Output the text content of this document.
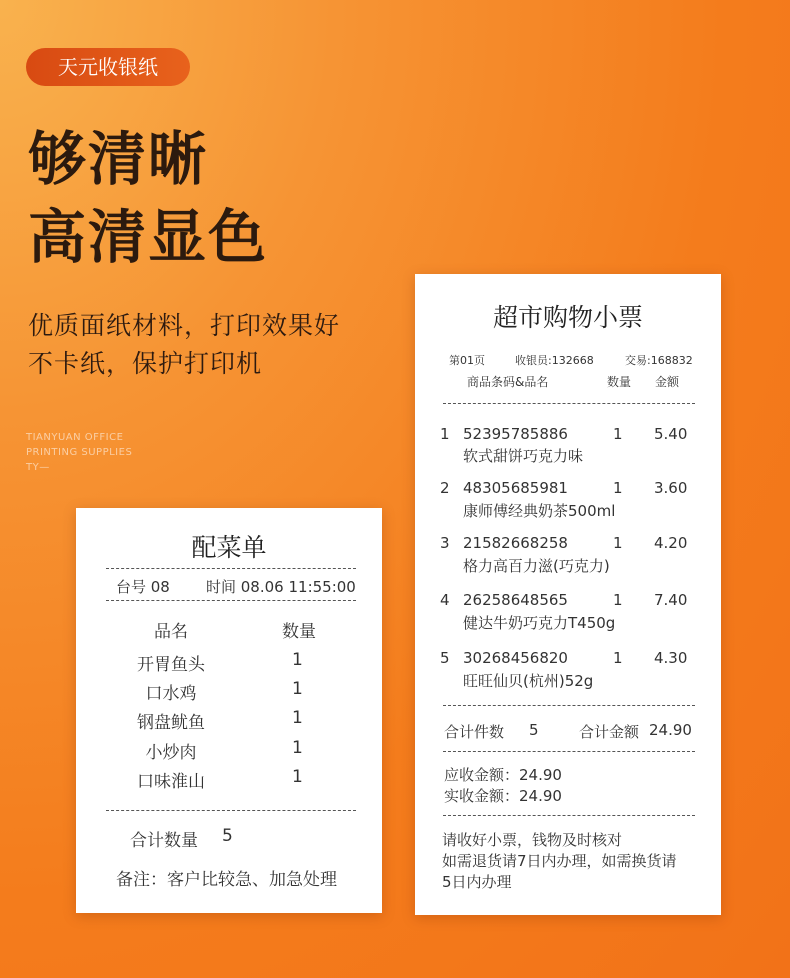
天元收银纸
够清晰
高清显色
优质面纸材料，打印效果好
不卡纸，保护打印机
TIANYUAN OFFICE
PRINTING SUPPLIES
TY—
配菜单
台号 08 时间 08.06 11:55:00
品名	数量
开胃鱼头	1
口水鸡	1
钢盘鱿鱼	1
小炒肉	1
口味淮山	1
合计数量 5
备注：客户比较急、加急处理
超市购物小票
第01页	收银员:132668	交易:168832
商品条码&品名	数量 金额
1 52395785886	1 5.40
软式甜饼巧克力味
2 48305685981	1 3.60
康师傅经典奶茶500ml
3 21582668258	1 4.20
格力高百力滋(巧克力)
4 26258648565	1 7.40
健达牛奶巧克力T450g
5 30268456820	1 4.30
旺旺仙贝(杭州)52g
合计件数 5	合计金额 24.90
应收金额：24.90
实收金额：24.90
请收好小票，钱物及时核对
如需退货请7日内办理，如需换货请
5日内办理
